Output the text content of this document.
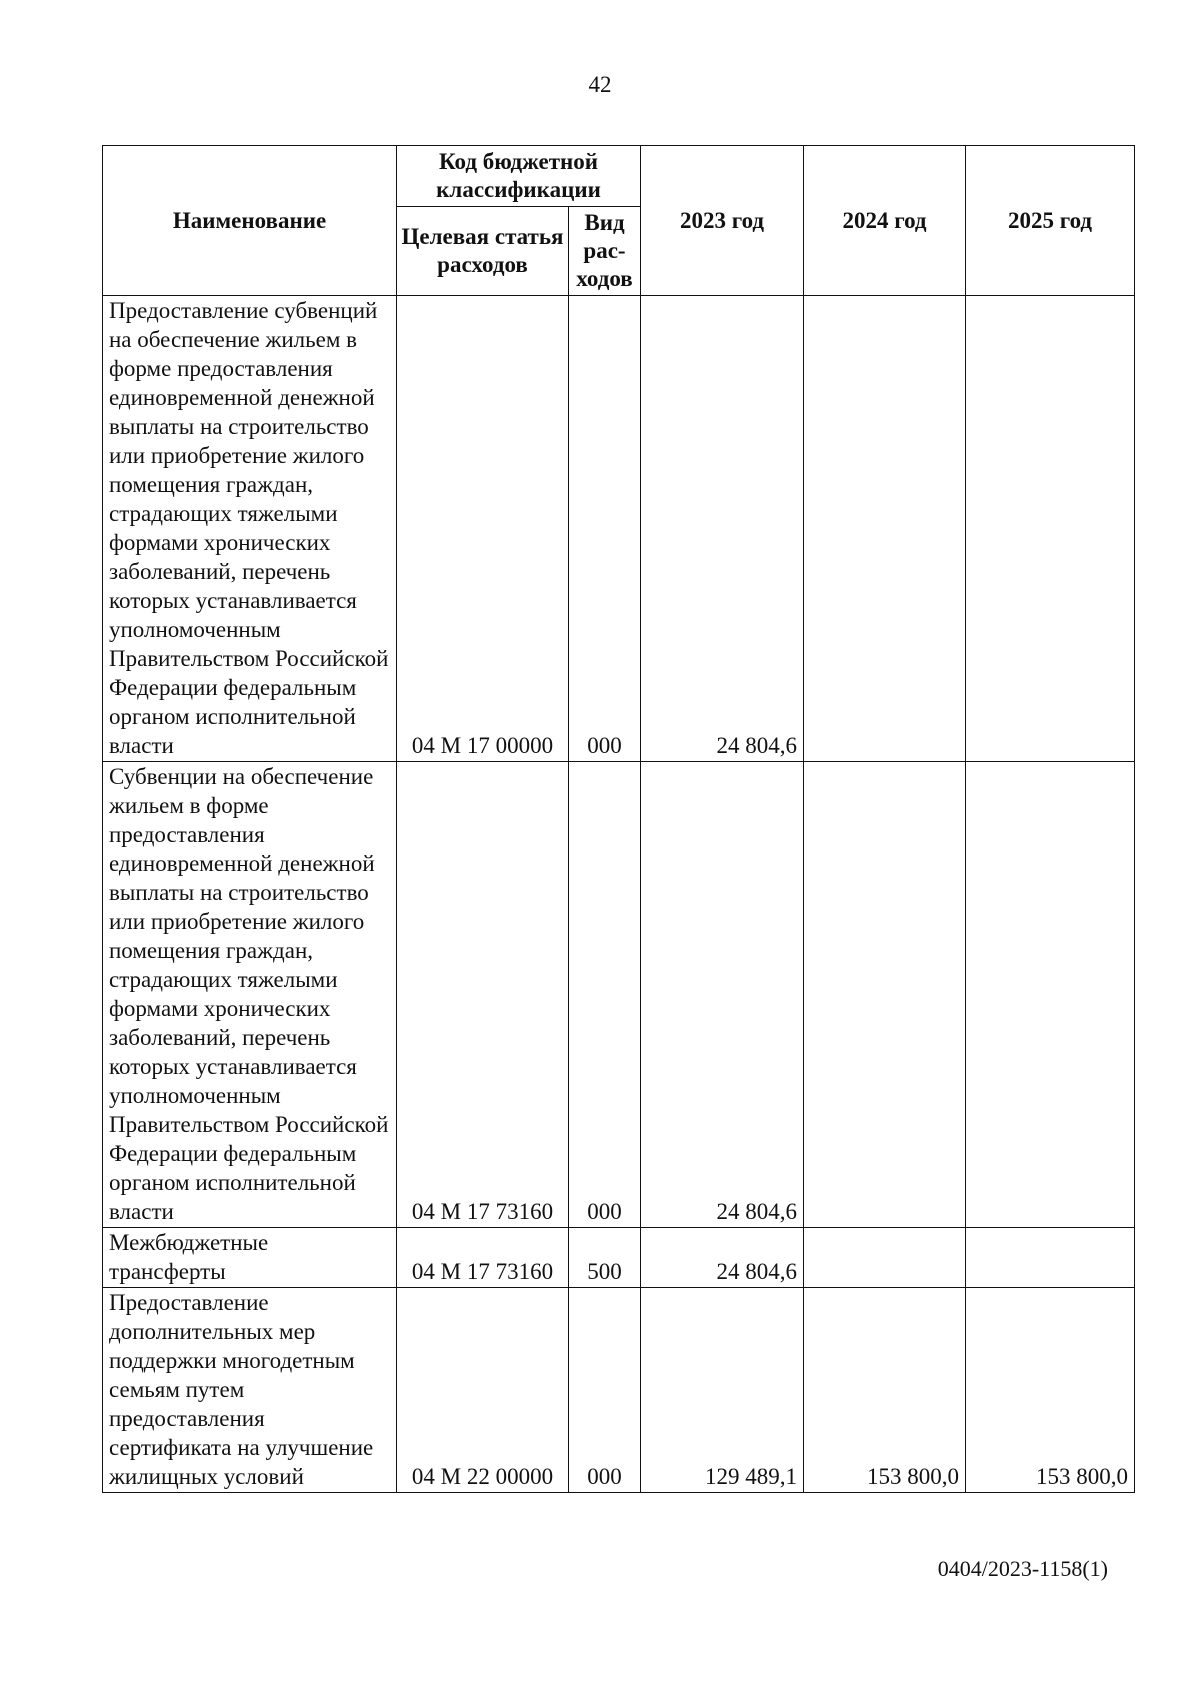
42
Наименование	Код бюджетной классификации		2023 год	2024 год	2025 год
	Целевая статья расходов	Вид рас-ходов			
Предоставление субвенций на обеспечение жильем в форме предоставления единовременной денежной выплаты на строительство или приобретение жилого помещения граждан, страдающих тяжелыми формами хронических заболеваний, перечень которых устанавливается уполномоченным Правительством Российской Федерации федеральным органом исполнительной власти	04 М 17 00000	000	24 804,6		
Субвенции на обеспечение жильем в форме предоставления единовременной денежной выплаты на строительство или приобретение жилого помещения граждан, страдающих тяжелыми формами хронических заболеваний, перечень которых устанавливается уполномоченным Правительством Российской Федерации федеральным органом исполнительной власти	04 М 17 73160	000	24 804,6		
Межбюджетные трансферты	04 М 17 73160	500	24 804,6		
Предоставление дополнительных мер поддержки многодетным семьям путем предоставления сертификата на улучшение жилищных условий	04 М 22 00000	000	129 489,1	153 800,0	153 800,0
0404/2023-1158(1)
